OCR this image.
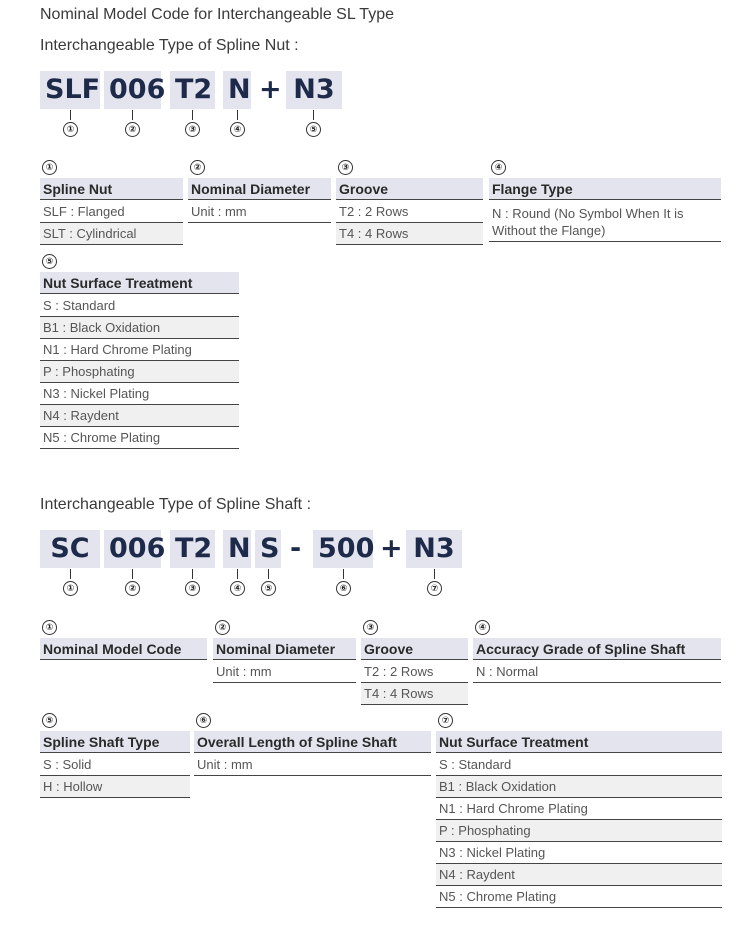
Nominal Model Code for Interchangeable SL Type
Interchangeable Type of Spline Nut :
SLF 006 T2 N + N3
①	②	③	④	⑤
①
Spline Nut
SLF : Flanged
SLT : Cylindrical
②
Nominal Diameter
Unit : mm
③
Groove
T2 : 2 Rows
T4 : 4 Rows
④
Flange Type
N : Round (No Symbol When It is Without the Flange)
⑤
Nut Surface Treatment
S : Standard
B1 : Black Oxidation
N1 : Hard Chrome Plating
P : Phosphating
N3 : Nickel Plating
N4 : Raydent
N5 : Chrome Plating
Interchangeable Type of Spline Shaft :
SC 006 T2 N S - 500 + N3
①	②	③	④	⑤	⑥	⑦
①
Nominal Model Code
②
Nominal Diameter
Unit : mm
③
Groove
T2 : 2 Rows
T4 : 4 Rows
④
Accuracy Grade of Spline Shaft
N : Normal
⑤
Spline Shaft Type
S : Solid
H : Hollow
⑥
Overall Length of Spline Shaft
Unit : mm
⑦
Nut Surface Treatment
S : Standard
B1 : Black Oxidation
N1 : Hard Chrome Plating
P : Phosphating
N3 : Nickel Plating
N4 : Raydent
N5 : Chrome Plating
